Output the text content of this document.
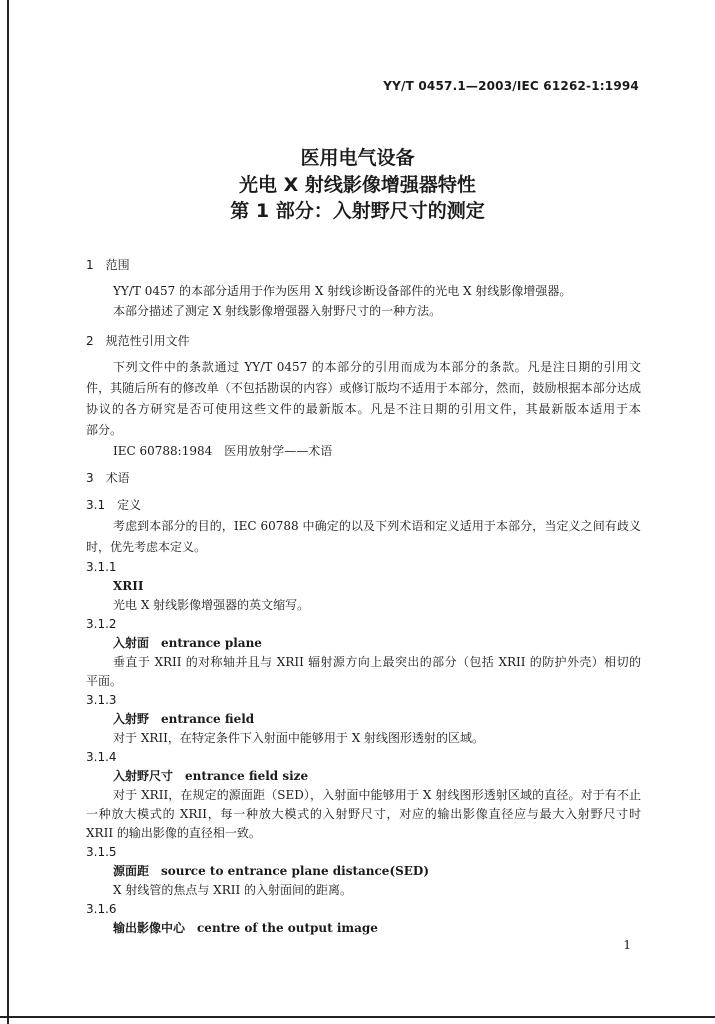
YY/T 0457.1—2003/IEC 61262-1:1994
医用电气设备
光电 X 射线影像增强器特性
第 1 部分：入射野尺寸的测定
1　范围
YY/T 0457 的本部分适用于作为医用 X 射线诊断设备部件的光电 X 射线影像增强器。
本部分描述了测定 X 射线影像增强器入射野尺寸的一种方法。
2　规范性引用文件
下列文件中的条款通过 YY/T 0457 的本部分的引用而成为本部分的条款。凡是注日期的引用文
件，其随后所有的修改单（不包括勘误的内容）或修订版均不适用于本部分，然而，鼓励根据本部分达成
协议的各方研究是否可使用这些文件的最新版本。凡是不注日期的引用文件，其最新版本适用于本
部分。
IEC 60788:1984　医用放射学——术语
3　术语
3.1　定义
考虑到本部分的目的，IEC 60788 中确定的以及下列术语和定义适用于本部分，当定义之间有歧义
时，优先考虑本定义。
3.1.1
XRII
光电 X 射线影像增强器的英文缩写。
3.1.2
入射面　entrance plane
垂直于 XRII 的对称轴并且与 XRII 辐射源方向上最突出的部分（包括 XRII 的防护外壳）相切的
平面。
3.1.3
入射野　entrance field
对于 XRII，在特定条件下入射面中能够用于 X 射线图形透射的区域。
3.1.4
入射野尺寸　entrance field size
对于 XRII，在规定的源面距（SED），入射面中能够用于 X 射线图形透射区域的直径。对于有不止
一种放大模式的 XRII，每一种放大模式的入射野尺寸，对应的输出影像直径应与最大入射野尺寸时
XRII 的输出影像的直径相一致。
3.1.5
源面距　source to entrance plane distance(SED)
X 射线管的焦点与 XRII 的入射面间的距离。
3.1.6
输出影像中心　centre of the output image
1
